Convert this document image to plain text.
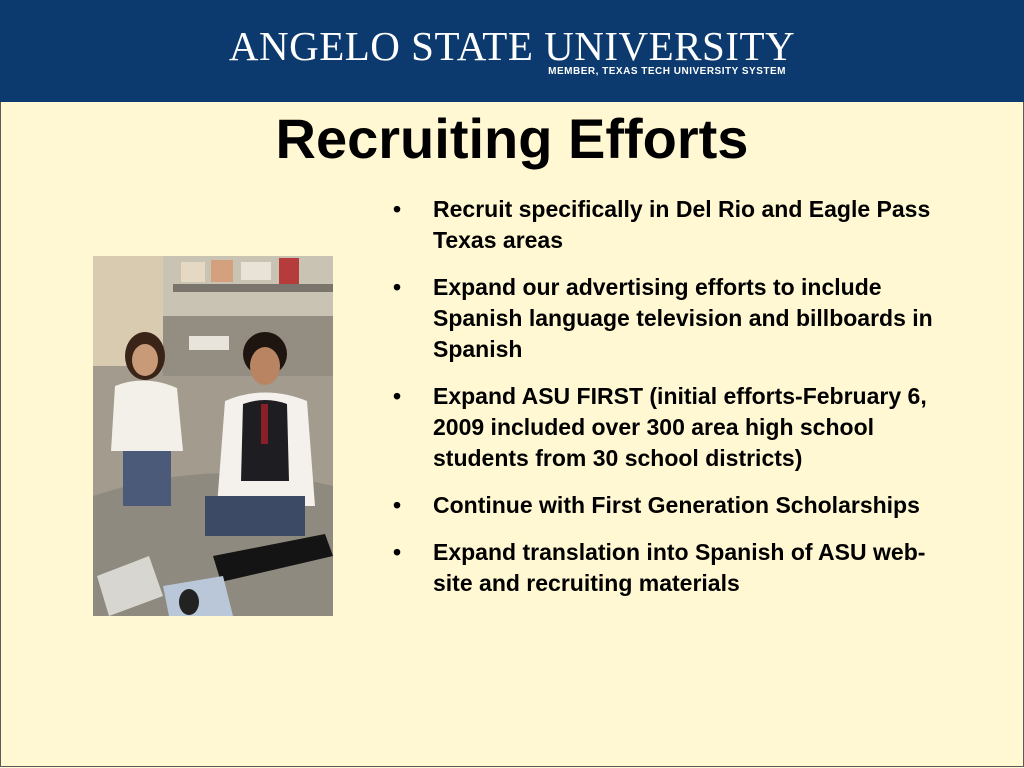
ANGELO STATE UNIVERSITY
MEMBER, TEXAS TECH UNIVERSITY SYSTEM
Recruiting Efforts
• Recruit specifically in Del Rio and Eagle Pass Texas areas
• Expand our advertising efforts to include Spanish language television and billboards in Spanish
• Expand ASU FIRST (initial efforts-February 6, 2009 included over 300 area high school students from 30 school districts)
• Continue with First Generation Scholarships
• Expand translation into Spanish of ASU web-site and recruiting materials
